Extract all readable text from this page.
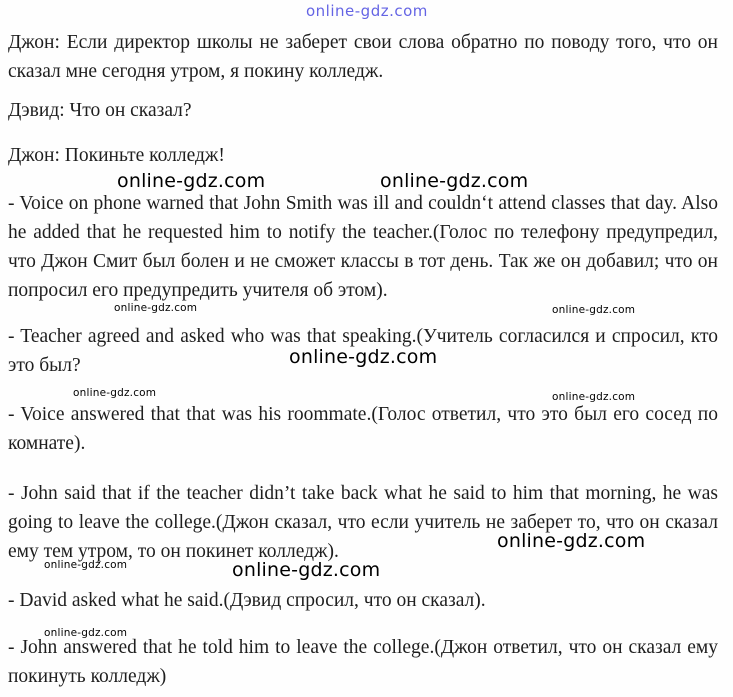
online-gdz.com

Джон: Если директор школы не заберет свои слова обратно по поводу того, что он сказал мне сегодня утром, я покину колледж.

Дэвид: Что он сказал?

Джон: Покиньте колледж!

- Voice on phone warned that John Smith was ill and couldn‘t attend classes that day. Also he added that he requested him to notify the teacher.(Голос по телефону предупредил, что Джон Смит был болен и не сможет классы в тот день. Так же он добавил; что он попросил его предупредить учителя об этом).

- Teacher agreed and asked who was that speaking.(Учитель согласился и спросил, кто это был?

- Voice answered that that was his roommate.(Голос ответил, что это был его сосед по комнате).

- John said that if the teacher didn’t take back what he said to him that morning, he was going to leave the college.(Джон сказал, что если учитель не заберет то, что он сказал ему тем утром, то он покинет колледж).

- David asked what he said.(Дэвид спросил, что он сказал).

- John answered that he told him to leave the college.(Джон ответил, что он сказал ему покинуть колледж)

online-gdz.com	online-gdz.com
online-gdz.com	online-gdz.com
online-gdz.com
online-gdz.com	online-gdz.com
online-gdz.com
online-gdz.com	online-gdz.com
online-gdz.com
